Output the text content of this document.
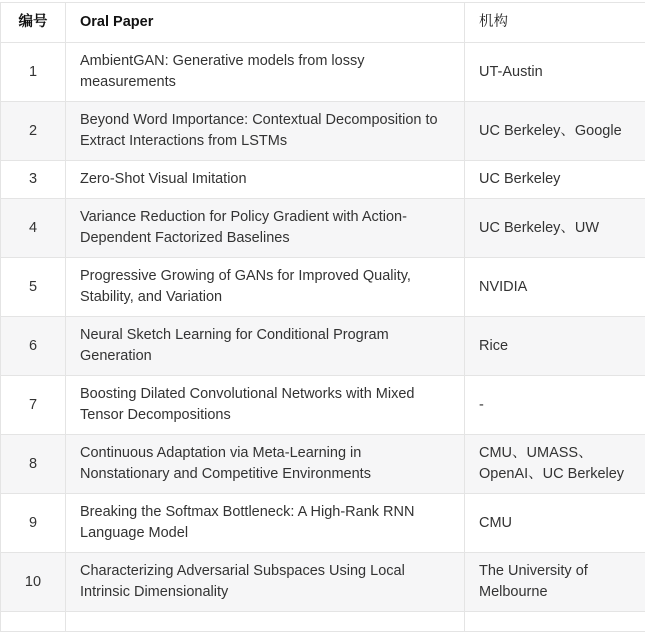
编号	Oral Paper	机构
1	AmbientGAN: Generative models from lossy measurements	UT-Austin
2	Beyond Word Importance: Contextual Decomposition to Extract Interactions from LSTMs	UC Berkeley、Google
3	Zero-Shot Visual Imitation	UC Berkeley
4	Variance Reduction for Policy Gradient with Action-Dependent Factorized Baselines	UC Berkeley、UW
5	Progressive Growing of GANs for Improved Quality, Stability, and Variation	NVIDIA
6	Neural Sketch Learning for Conditional Program Generation	Rice
7	Boosting Dilated Convolutional Networks with Mixed Tensor Decompositions	-
8	Continuous Adaptation via Meta-Learning in Nonstationary and Competitive Environments	CMU、UMASS、OpenAI、UC Berkeley
9	Breaking the Softmax Bottleneck: A High-Rank RNN Language Model	CMU
10	Characterizing Adversarial Subspaces Using Local Intrinsic Dimensionality	The University of Melbourne
